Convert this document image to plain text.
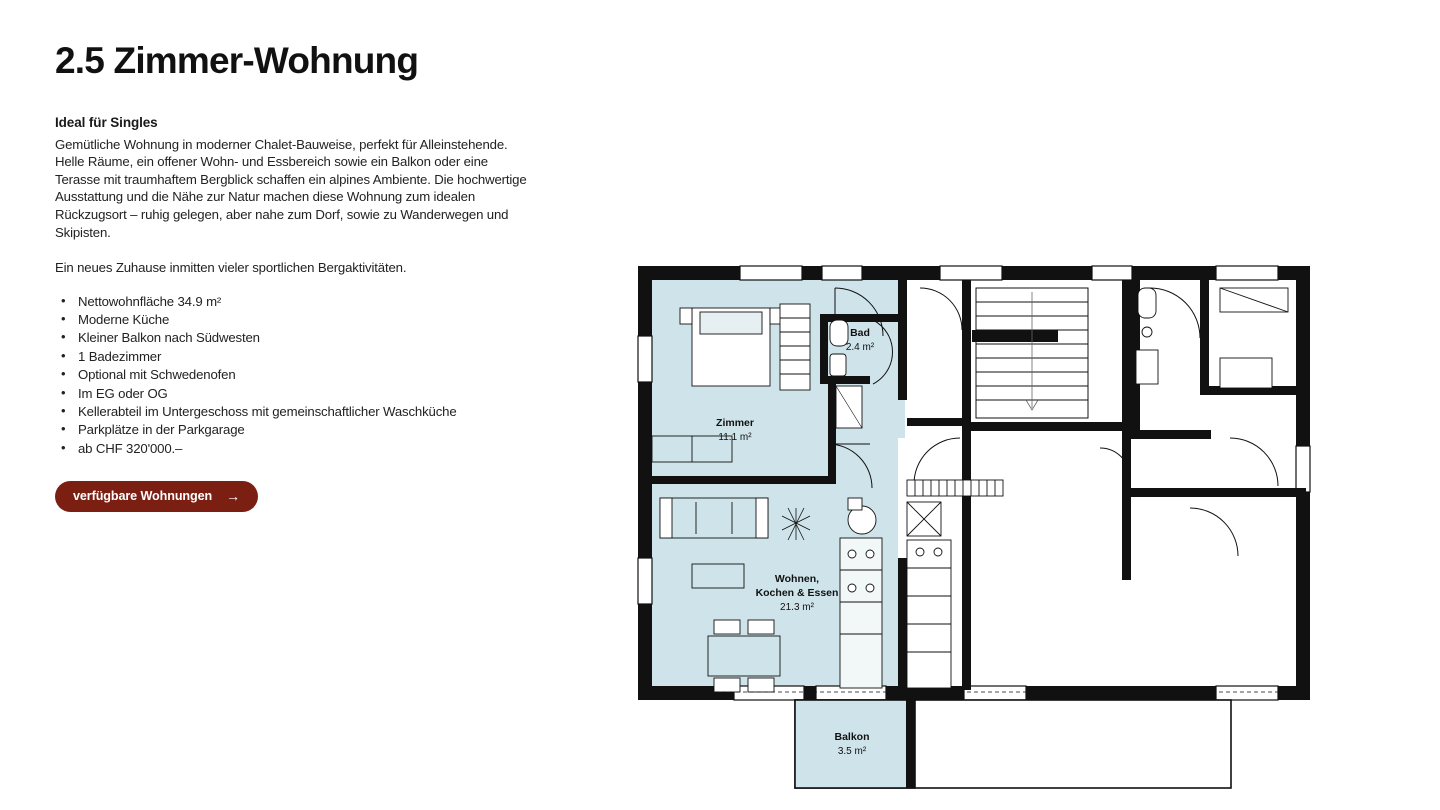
2.5 Zimmer-Wohnung
Ideal für Singles

Gemütliche Wohnung in moderner Chalet-Bauweise, perfekt für Alleinstehende. Helle Räume, ein offener Wohn- und Essbereich sowie ein Balkon oder eine Terasse mit traumhaftem Bergblick schaffen ein alpines Ambiente. Die hochwertige Ausstattung und die Nähe zur Natur machen diese Wohnung zum idealen Rückzugsort – ruhig gelegen, aber nahe zum Dorf, sowie zu Wanderwegen und Skipisten.

Ein neues Zuhause inmitten vieler sportlichen Bergaktivitäten.

• Nettowohnfläche 34.9 m²
• Moderne Küche
• Kleiner Balkon nach Südwesten
• 1 Badezimmer
• Optional mit Schwedenofen
• Im EG oder OG
• Kellerabteil im Untergeschoss mit gemeinschaftlicher Waschküche
• Parkplätze in der Parkgarage
• ab CHF 320'000.–
verfügbare Wohnungen →
Bad
2.4 m²
Zimmer
11.1 m²
Wohnen,
Kochen & Essen
21.3 m²
Balkon
3.5 m²
